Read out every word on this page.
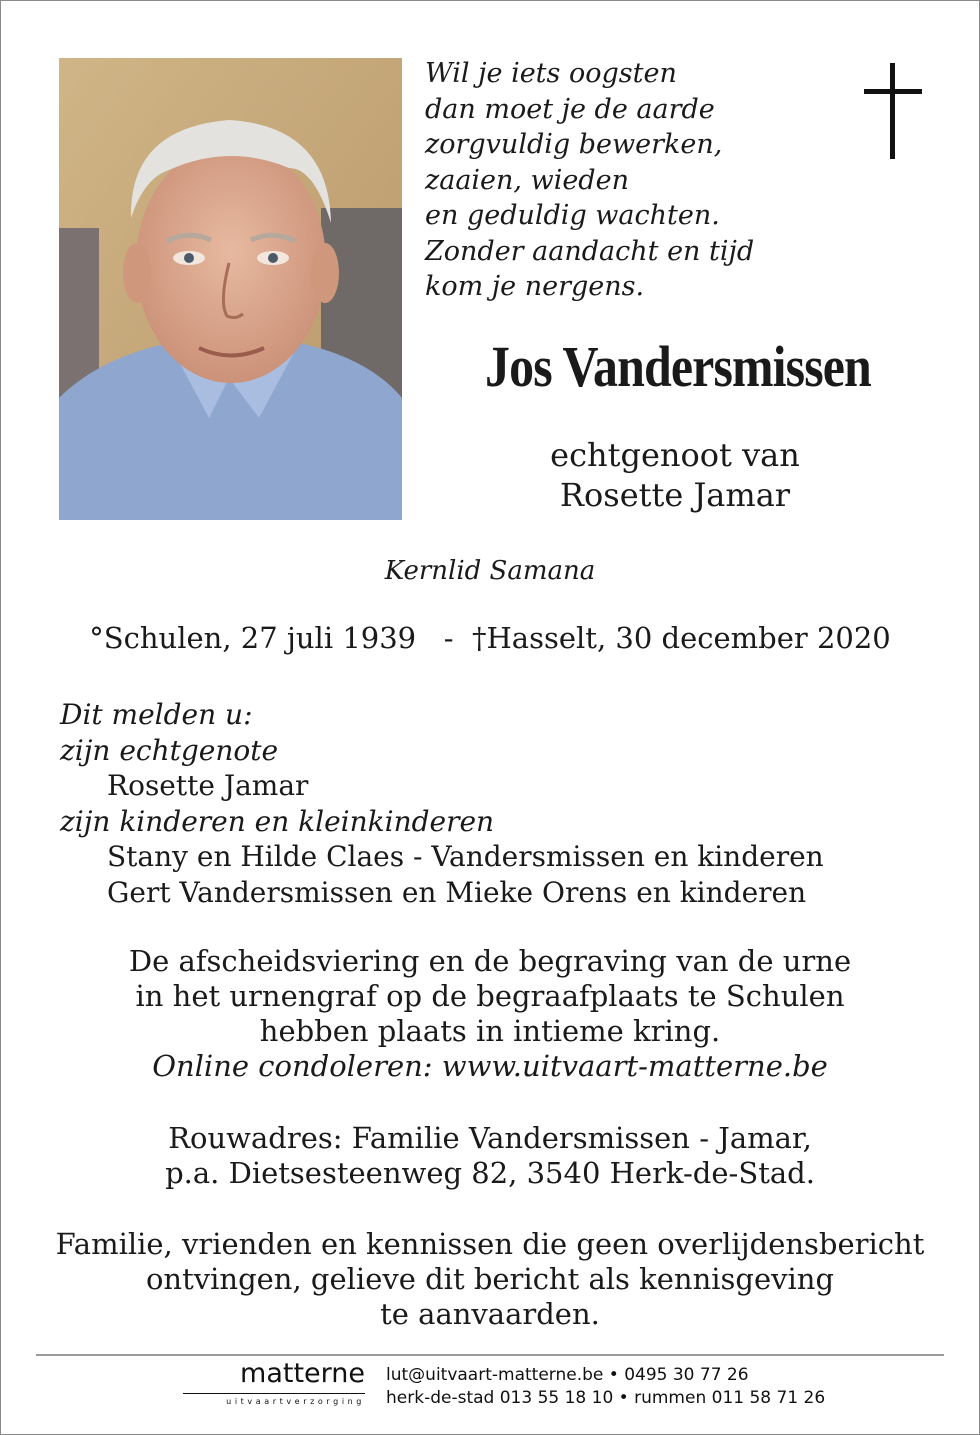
Wil je iets oogsten
dan moet je de aarde
zorgvuldig bewerken,
zaaien, wieden
en geduldig wachten.
Zonder aandacht en tijd
kom je nergens.
Jos Vandersmissen
echtgenoot van
Rosette Jamar
Kernlid Samana
°Schulen, 27 juli 1939   -  †Hasselt, 30 december 2020
Dit melden u:
zijn echtgenote
Rosette Jamar
zijn kinderen en kleinkinderen
Stany en Hilde Claes - Vandersmissen en kinderen
Gert Vandersmissen en Mieke Orens en kinderen
De afscheidsviering en de begraving van de urne
in het urnengraf op de begraafplaats te Schulen
hebben plaats in intieme kring.
Online condoleren: www.uitvaart-matterne.be
Rouwadres: Familie Vandersmissen - Jamar,
p.a. Dietsesteenweg 82, 3540 Herk-de-Stad.
Familie, vrienden en kennissen die geen overlijdensbericht
ontvingen, gelieve dit bericht als kennisgeving
te aanvaarden.
matterne
uitvaartverzorging
lut@uitvaart-matterne.be • 0495 30 77 26
herk-de-stad 013 55 18 10 • rummen 011 58 71 26
